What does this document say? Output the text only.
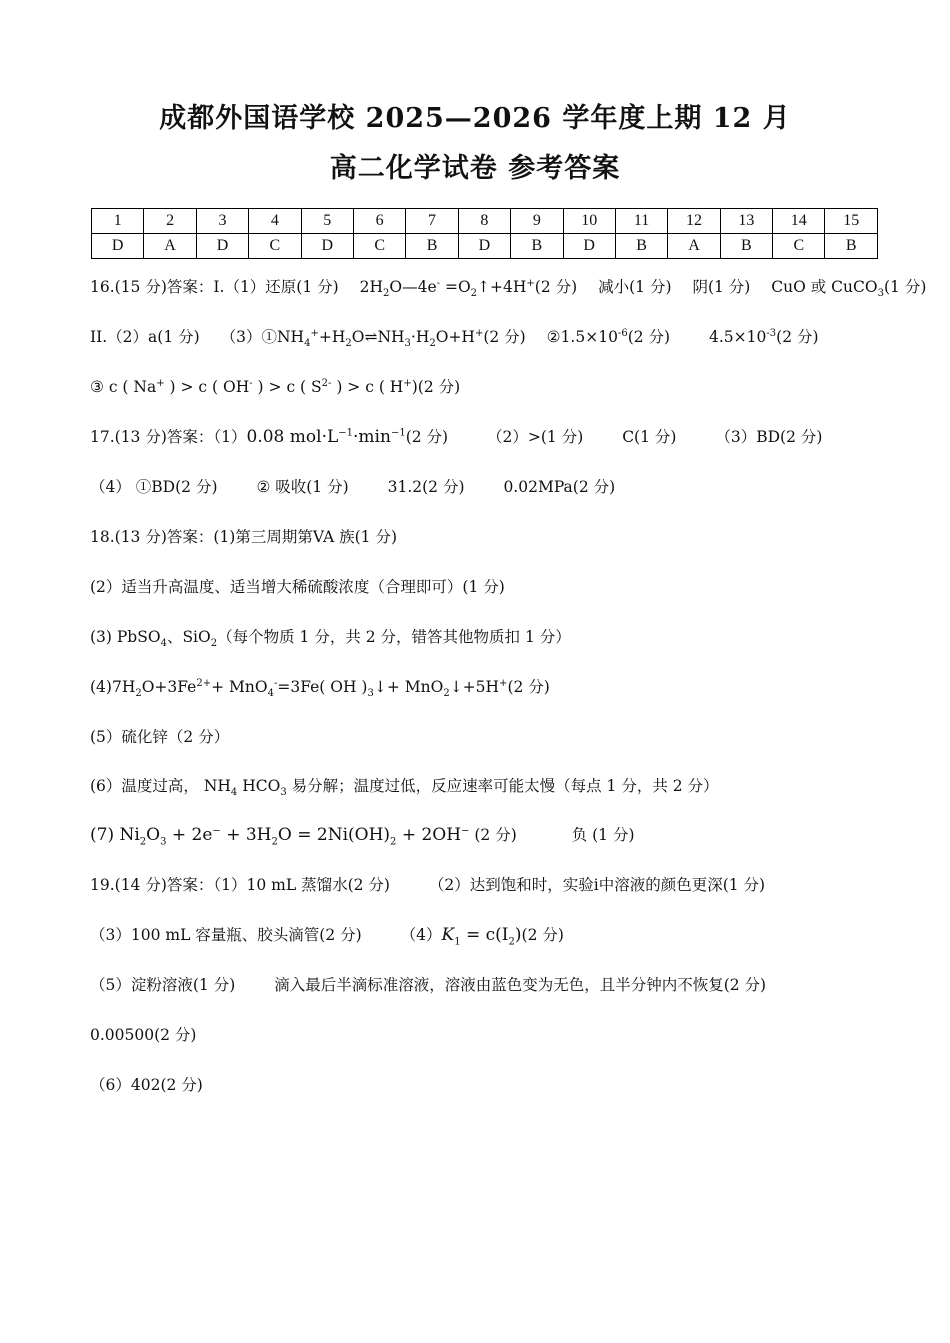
成都外国语学校 2025—2026 学年度上期 12 月
高二化学试卷 参考答案
1	2	3	4	5	6	7	8	9	10	11	12	13	14	15
D	A	D	C	D	C	B	D	B	D	B	A	B	C	B
16.(15 分)答案：I.（1）还原(1 分) $2H_2O—4e^-$ $=O_2↑+4H^+(2$ 分) 减小(1 分) 阴(1 分) CuO 或 CuCO$_3$(1 分)
II.（2）a(1 分) $(3)①NH_4^++H_2O\rightleftharpoons NH_3\cdot H_2O+H^+(2$ 分) $②1.5\times 10^{-6}(2$ 分)	$4.5\times 10^{-3}(2$ 分)
③ c ( Na+ ) > c ( OH- ) > c ( $S^{2-}$ ) > c ( H+)(2 分)
17.(13 分)答案：（1）0.08 $mol\cdot L^{-1}\cdot\min^{-1}(2$ 分)	（2）>(1 分)	C(1 分)	（3）BD(2 分)
（4） ①BD(2 分)	② 吸收(1 分)	31.2(2 分)	0.02MPa(2 分)
18.(13 分)答案：(1)第三周期第VA 族(1 分)
(2）适当升高温度、适当增大稀硫酸浓度（合理即可）(1 分)
(3) PbSO$_4$、SiO$_2$（每个物质 1 分，共 2 分，错答其他物质扣 1 分）
$(4)7H_2O+3Fe^{2+}+ MnO_4^-=3Fe$( OH )$_3↓+$ MnO$_2$↓+5H+(2 分)
(5）硫化锌（2 分）
(6）温度过高， $NH_4$ $HCO_3$ 易分解；温度过低，反应速率可能太慢（每点 1 分，共 2 分）
(7) $Ni_2O_3 + 2e^- + 3H_2O = 2Ni(OH)_2 + 2OH^-$ (2 分)	负 (1 分)
19.(14 分)答案：（1）10 mL 蒸馏水(2 分)	（2）达到饱和时，实验i中溶液的颜色更深(1 分)
（3）100 mL 容量瓶、胶头滴管(2 分)	$(4)K_1 = c(I_2)(2$ 分)
（5）淀粉溶液(1 分)	滴入最后半滴标准溶液，溶液由蓝色变为无色，且半分钟内不恢复(2 分)
0.00500(2 分)
（6）402(2 分)
